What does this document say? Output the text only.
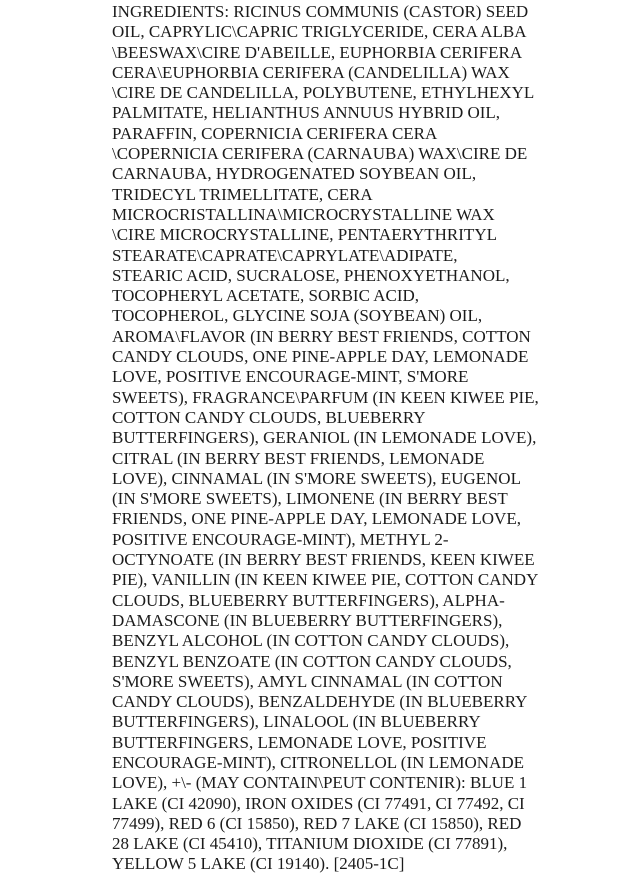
INGREDIENTS: RICINUS COMMUNIS (CASTOR) SEED
OIL, CAPRYLIC\CAPRIC TRIGLYCERIDE, CERA ALBA
\BEESWAX\CIRE D'ABEILLE, EUPHORBIA CERIFERA
CERA\EUPHORBIA CERIFERA (CANDELILLA) WAX
\CIRE DE CANDELILLA, POLYBUTENE, ETHYLHEXYL
PALMITATE, HELIANTHUS ANNUUS HYBRID OIL,
PARAFFIN, COPERNICIA CERIFERA CERA
\COPERNICIA CERIFERA (CARNAUBA) WAX\CIRE DE
CARNAUBA, HYDROGENATED SOYBEAN OIL,
TRIDECYL TRIMELLITATE, CERA
MICROCRISTALLINA\MICROCRYSTALLINE WAX
\CIRE MICROCRYSTALLINE, PENTAERYTHRITYL
STEARATE\CAPRATE\CAPRYLATE\ADIPATE,
STEARIC ACID, SUCRALOSE, PHENOXYETHANOL,
TOCOPHERYL ACETATE, SORBIC ACID,
TOCOPHEROL, GLYCINE SOJA (SOYBEAN) OIL,
AROMA\FLAVOR (IN BERRY BEST FRIENDS, COTTON
CANDY CLOUDS, ONE PINE-APPLE DAY, LEMONADE
LOVE, POSITIVE ENCOURAGE-MINT, S'MORE
SWEETS), FRAGRANCE\PARFUM (IN KEEN KIWEE PIE,
COTTON CANDY CLOUDS, BLUEBERRY
BUTTERFINGERS), GERANIOL (IN LEMONADE LOVE),
CITRAL (IN BERRY BEST FRIENDS, LEMONADE
LOVE), CINNAMAL (IN S'MORE SWEETS), EUGENOL
(IN S'MORE SWEETS), LIMONENE (IN BERRY BEST
FRIENDS, ONE PINE-APPLE DAY, LEMONADE LOVE,
POSITIVE ENCOURAGE-MINT), METHYL 2-
OCTYNOATE (IN BERRY BEST FRIENDS, KEEN KIWEE
PIE), VANILLIN (IN KEEN KIWEE PIE, COTTON CANDY
CLOUDS, BLUEBERRY BUTTERFINGERS), ALPHA-
DAMASCONE (IN BLUEBERRY BUTTERFINGERS),
BENZYL ALCOHOL (IN COTTON CANDY CLOUDS),
BENZYL BENZOATE (IN COTTON CANDY CLOUDS,
S'MORE SWEETS), AMYL CINNAMAL (IN COTTON
CANDY CLOUDS), BENZALDEHYDE (IN BLUEBERRY
BUTTERFINGERS), LINALOOL (IN BLUEBERRY
BUTTERFINGERS, LEMONADE LOVE, POSITIVE
ENCOURAGE-MINT), CITRONELLOL (IN LEMONADE
LOVE), +\- (MAY CONTAIN\PEUT CONTENIR): BLUE 1
LAKE (CI 42090), IRON OXIDES (CI 77491, CI 77492, CI
77499), RED 6 (CI 15850), RED 7 LAKE (CI 15850), RED
28 LAKE (CI 45410), TITANIUM DIOXIDE (CI 77891),
YELLOW 5 LAKE (CI 19140). [2405-1C]
